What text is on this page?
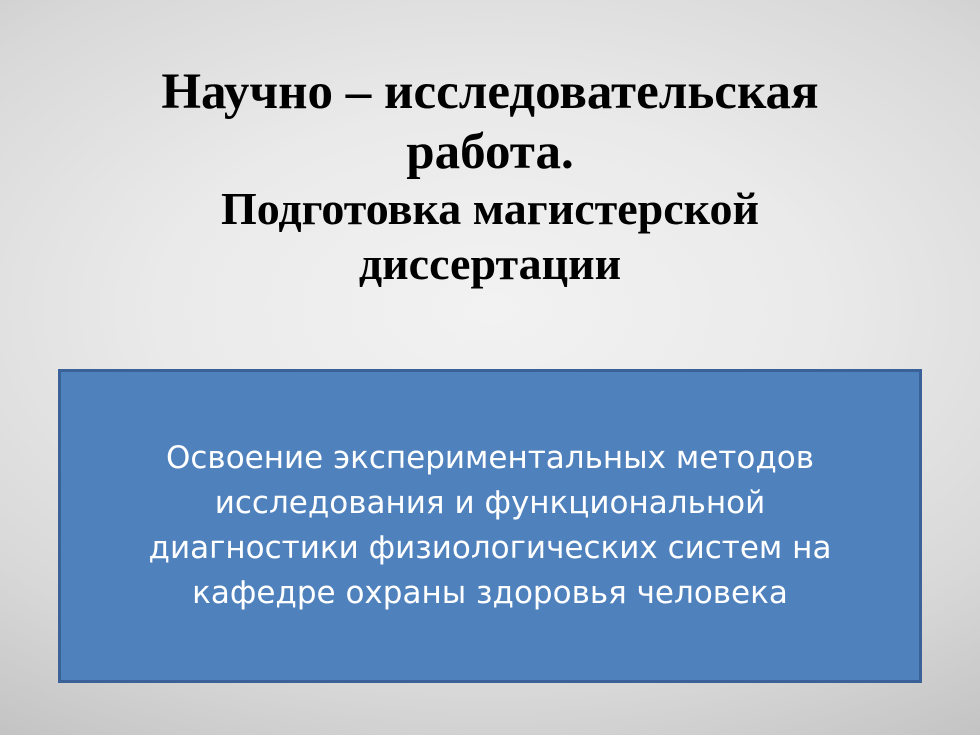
Научно – исследовательская
работа.
Подготовка магистерской
диссертации
Освоение экспериментальных методов
исследования и функциональной
диагностики физиологических систем на
кафедре охраны здоровья человека
